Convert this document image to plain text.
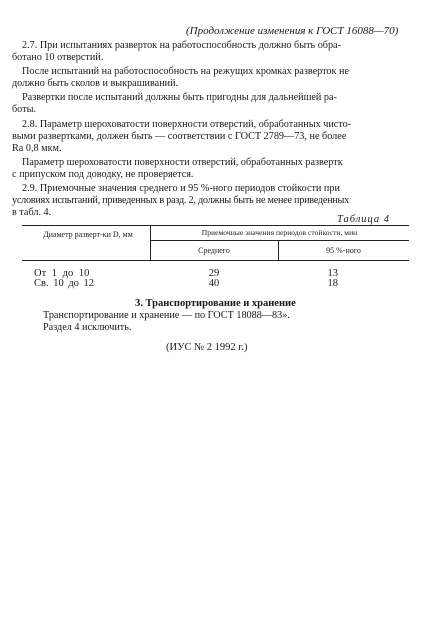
(Продолжение изменения к ГОСТ 16088—70)
2.7. При испытаниях разверток на работоспособность должно быть обра-
ботано 10 отверстий.
После испытаний на работоспособность на режущих кромках разверток не
должно быть сколов и выкрашиваний.
Развертки после испытаний должны быть пригодны для дальнейшей ра-
боты.
2.8. Параметр шероховатости поверхности отверстий, обработанных чисто-
выми развертками, должен быть — соответствии с ГОСТ 2789—73, не более
Ra 0,8 мкм.
Параметр шероховатости поверхности отверстий, обработанных развертк
с припуском под доводку, не проверяется.
2.9. Приемочные значения среднего и 95 %-ного периодов стойкости при
условиях испытаний, приведенных в разд. 2, должны быть не менее приведенных
в табл. 4.
Таблица 4
Диаметр разверт-ки D, мм	Приемочные значения периодов стойкости, мин
Среднего	95 %-ного
От 1 до 10	29	13
Св. 10 до 12	40	18
3. Транспортирование и хранение
Транспортирование и хранение — по ГОСТ 18088—83».
Раздел 4 исключить.
(ИУС № 2 1992 г.)
